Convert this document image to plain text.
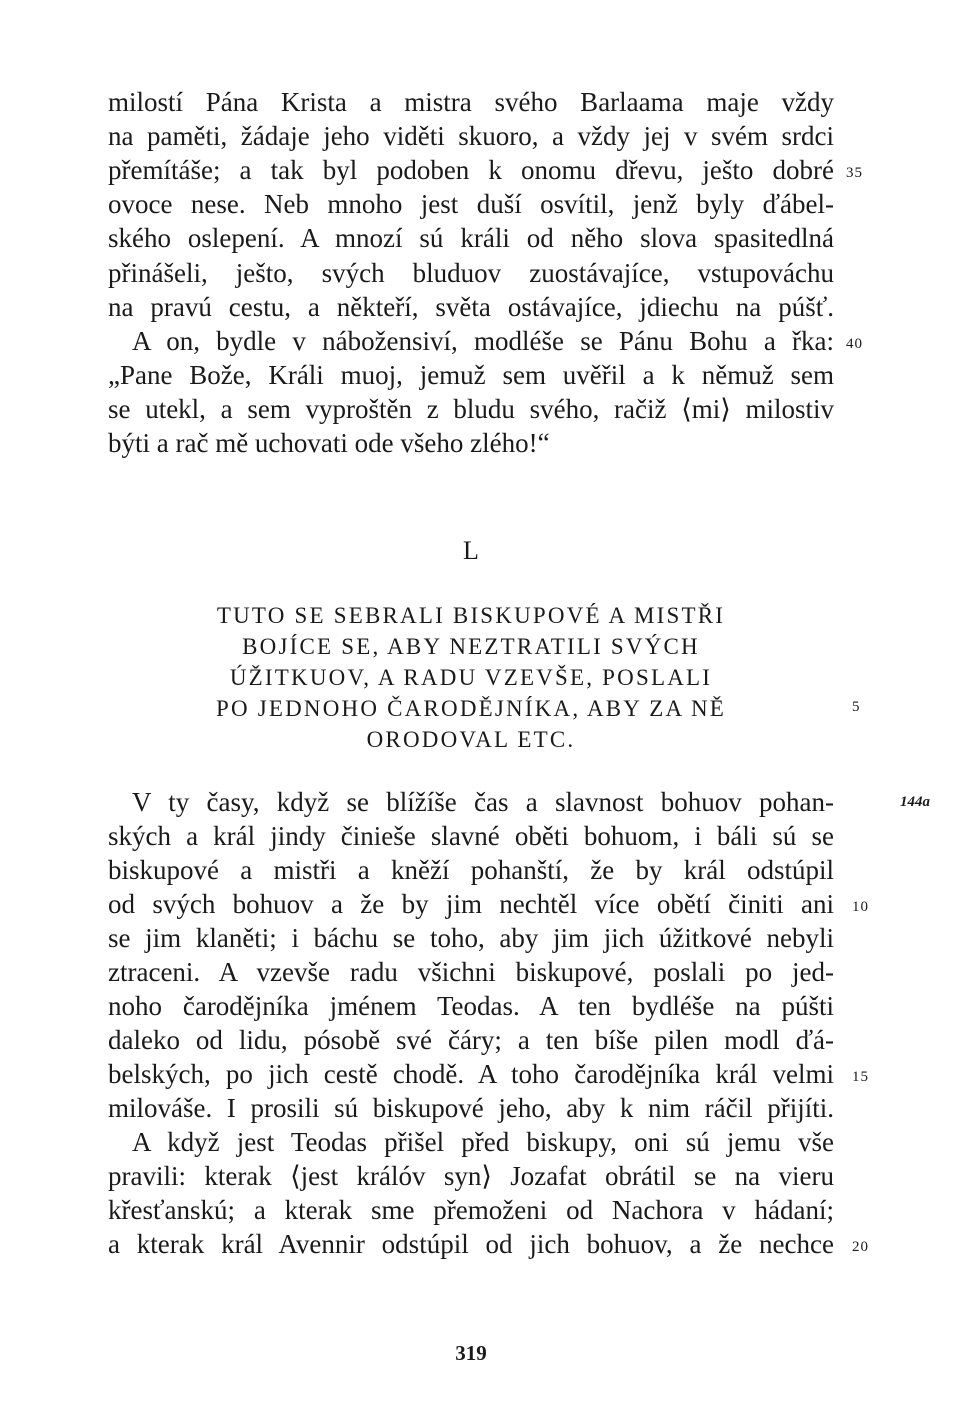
milostí Pána Krista a mistra svého Barlaama maje vždy
na paměti, žádaje jeho viděti skuoro, a vždy jej v svém srdci
přemítáše; a tak byl podoben k onomu dřevu, ješto dobré
ovoce nese. Neb mnoho jest duší osvítil, jenž byly ďábel-
ského oslepení. A mnozí sú králi od něho slova spasitedlná
přinášeli, ješto, svých bluduov zuostávajíce, vstupováchu
na pravú cestu, a někteří, světa ostávajíce, jdiechu na púšť.
A on, bydle v nábožensiví, modléše se Pánu Bohu a řka:
„Pane Bože, Králi muoj, jemuž sem uvěřil a k němuž sem
se utekl, a sem vyproštěn z bludu svého, račiž ⟨mi⟩ milostiv
býti a rač mě uchovati ode všeho zlého!“
35
40
L
TUTO SE SEBRALI BISKUPOVÉ A MISTŘI
BOJÍCE SE, ABY NEZTRATILI SVÝCH
ÚŽITKUOV, A RADU VZEVŠE, POSLALI
PO JEDNOHO ČARODĚJNÍKA, ABY ZA NĚ
ORODOVAL ETC.
5
V ty časy, když se blížíše čas a slavnost bohuov pohan-
ských a král jindy činieše slavné oběti bohuom, i báli sú se
biskupové a mistři a kněží pohanští, že by král odstúpil
od svých bohuov a že by jim nechtěl více obětí činiti ani
se jim klaněti; i báchu se toho, aby jim jich úžitkové nebyli
ztraceni. A vzevše radu všichni biskupové, poslali po jed-
noho čarodějníka jménem Teodas. A ten bydléše na púšti
daleko od lidu, pósobě své čáry; a ten bíše pilen modl ďá-
belských, po jich cestě chodě. A toho čarodějníka král velmi
milováše. I prosili sú biskupové jeho, aby k nim ráčil přijíti.
A když jest Teodas přišel před biskupy, oni sú jemu vše
pravili: kterak ⟨jest králóv syn⟩ Jozafat obrátil se na vieru
křesťanskú; a kterak sme přemoženi od Nachora v hádaní;
a kterak král Avennir odstúpil od jich bohuov, a že nechce
144a
10
15
20
319
